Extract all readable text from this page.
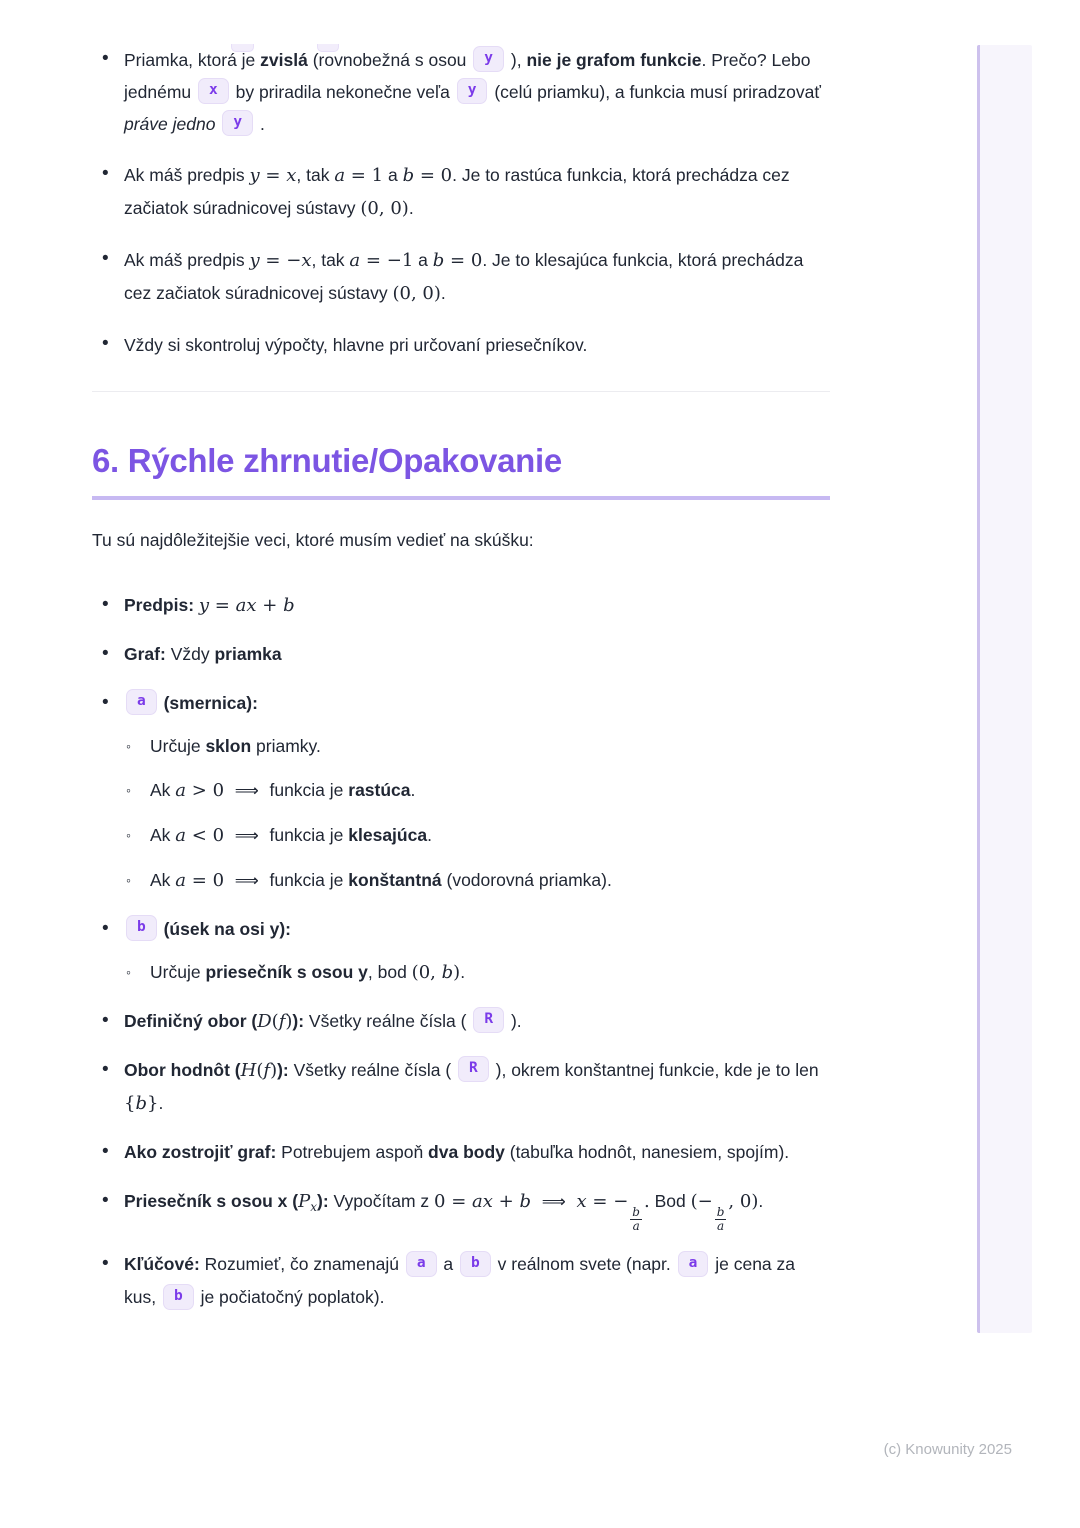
• Priamka, ktorá je zvislá (rovnobežná s osou y ), nie je grafom funkcie. Prečo? Lebo jednému x by priradila nekonečne veľa y (celú priamku), a funkcia musí priradzovať práve jedno y .
• Ak máš predpis y = x, tak a = 1 a b = 0. Je to rastúca funkcia, ktorá prechádza cez začiatok súradnicovej sústavy (0, 0).
• Ak máš predpis y = −x, tak a = −1 a b = 0. Je to klesajúca funkcia, ktorá prechádza cez začiatok súradnicovej sústavy (0, 0).
• Vždy si skontroluj výpočty, hlavne pri určovaní priesečníkov.
6. Rýchle zhrnutie/Opakovanie

Tu sú najdôležitejšie veci, ktoré musím vedieť na skúšku:

• Predpis: y = ax + b
• Graf: Vždy priamka
•	a (smernica):
◦ Určuje sklon priamky.
◦ Ak a > 0  ⟹  funkcia je rastúca.
◦ Ak a < 0  ⟹  funkcia je klesajúca.
◦ Ak a = 0  ⟹  funkcia je konštantná (vodorovná priamka).
•	b (úsek na osi y):
◦ Určuje priesečník s osou y, bod (0, b).
• Definičný obor (D(f)): Všetky reálne čísla ( R ).
• Obor hodnôt (H(f)): Všetky reálne čísla ( R ), okrem konštantnej funkcie, kde je to len {b}.
• Ako zostrojiť graf: Potrebujem aspoň dva body (tabuľka hodnôt, nanesiem, spojím).
• Priesečník s osou x $(P_x)$: Vypočítam z 0 = ax + b  ⟹  x = −
$\frac{b}{a}$
. Bod (−
$\frac{b}{a}$
, 0).
• Kľúčové: Rozumieť, čo znamenajú a a b v reálnom svete (napr. a je cena za kus, b je počiatočný poplatok).
(c) Knowunity 2025
